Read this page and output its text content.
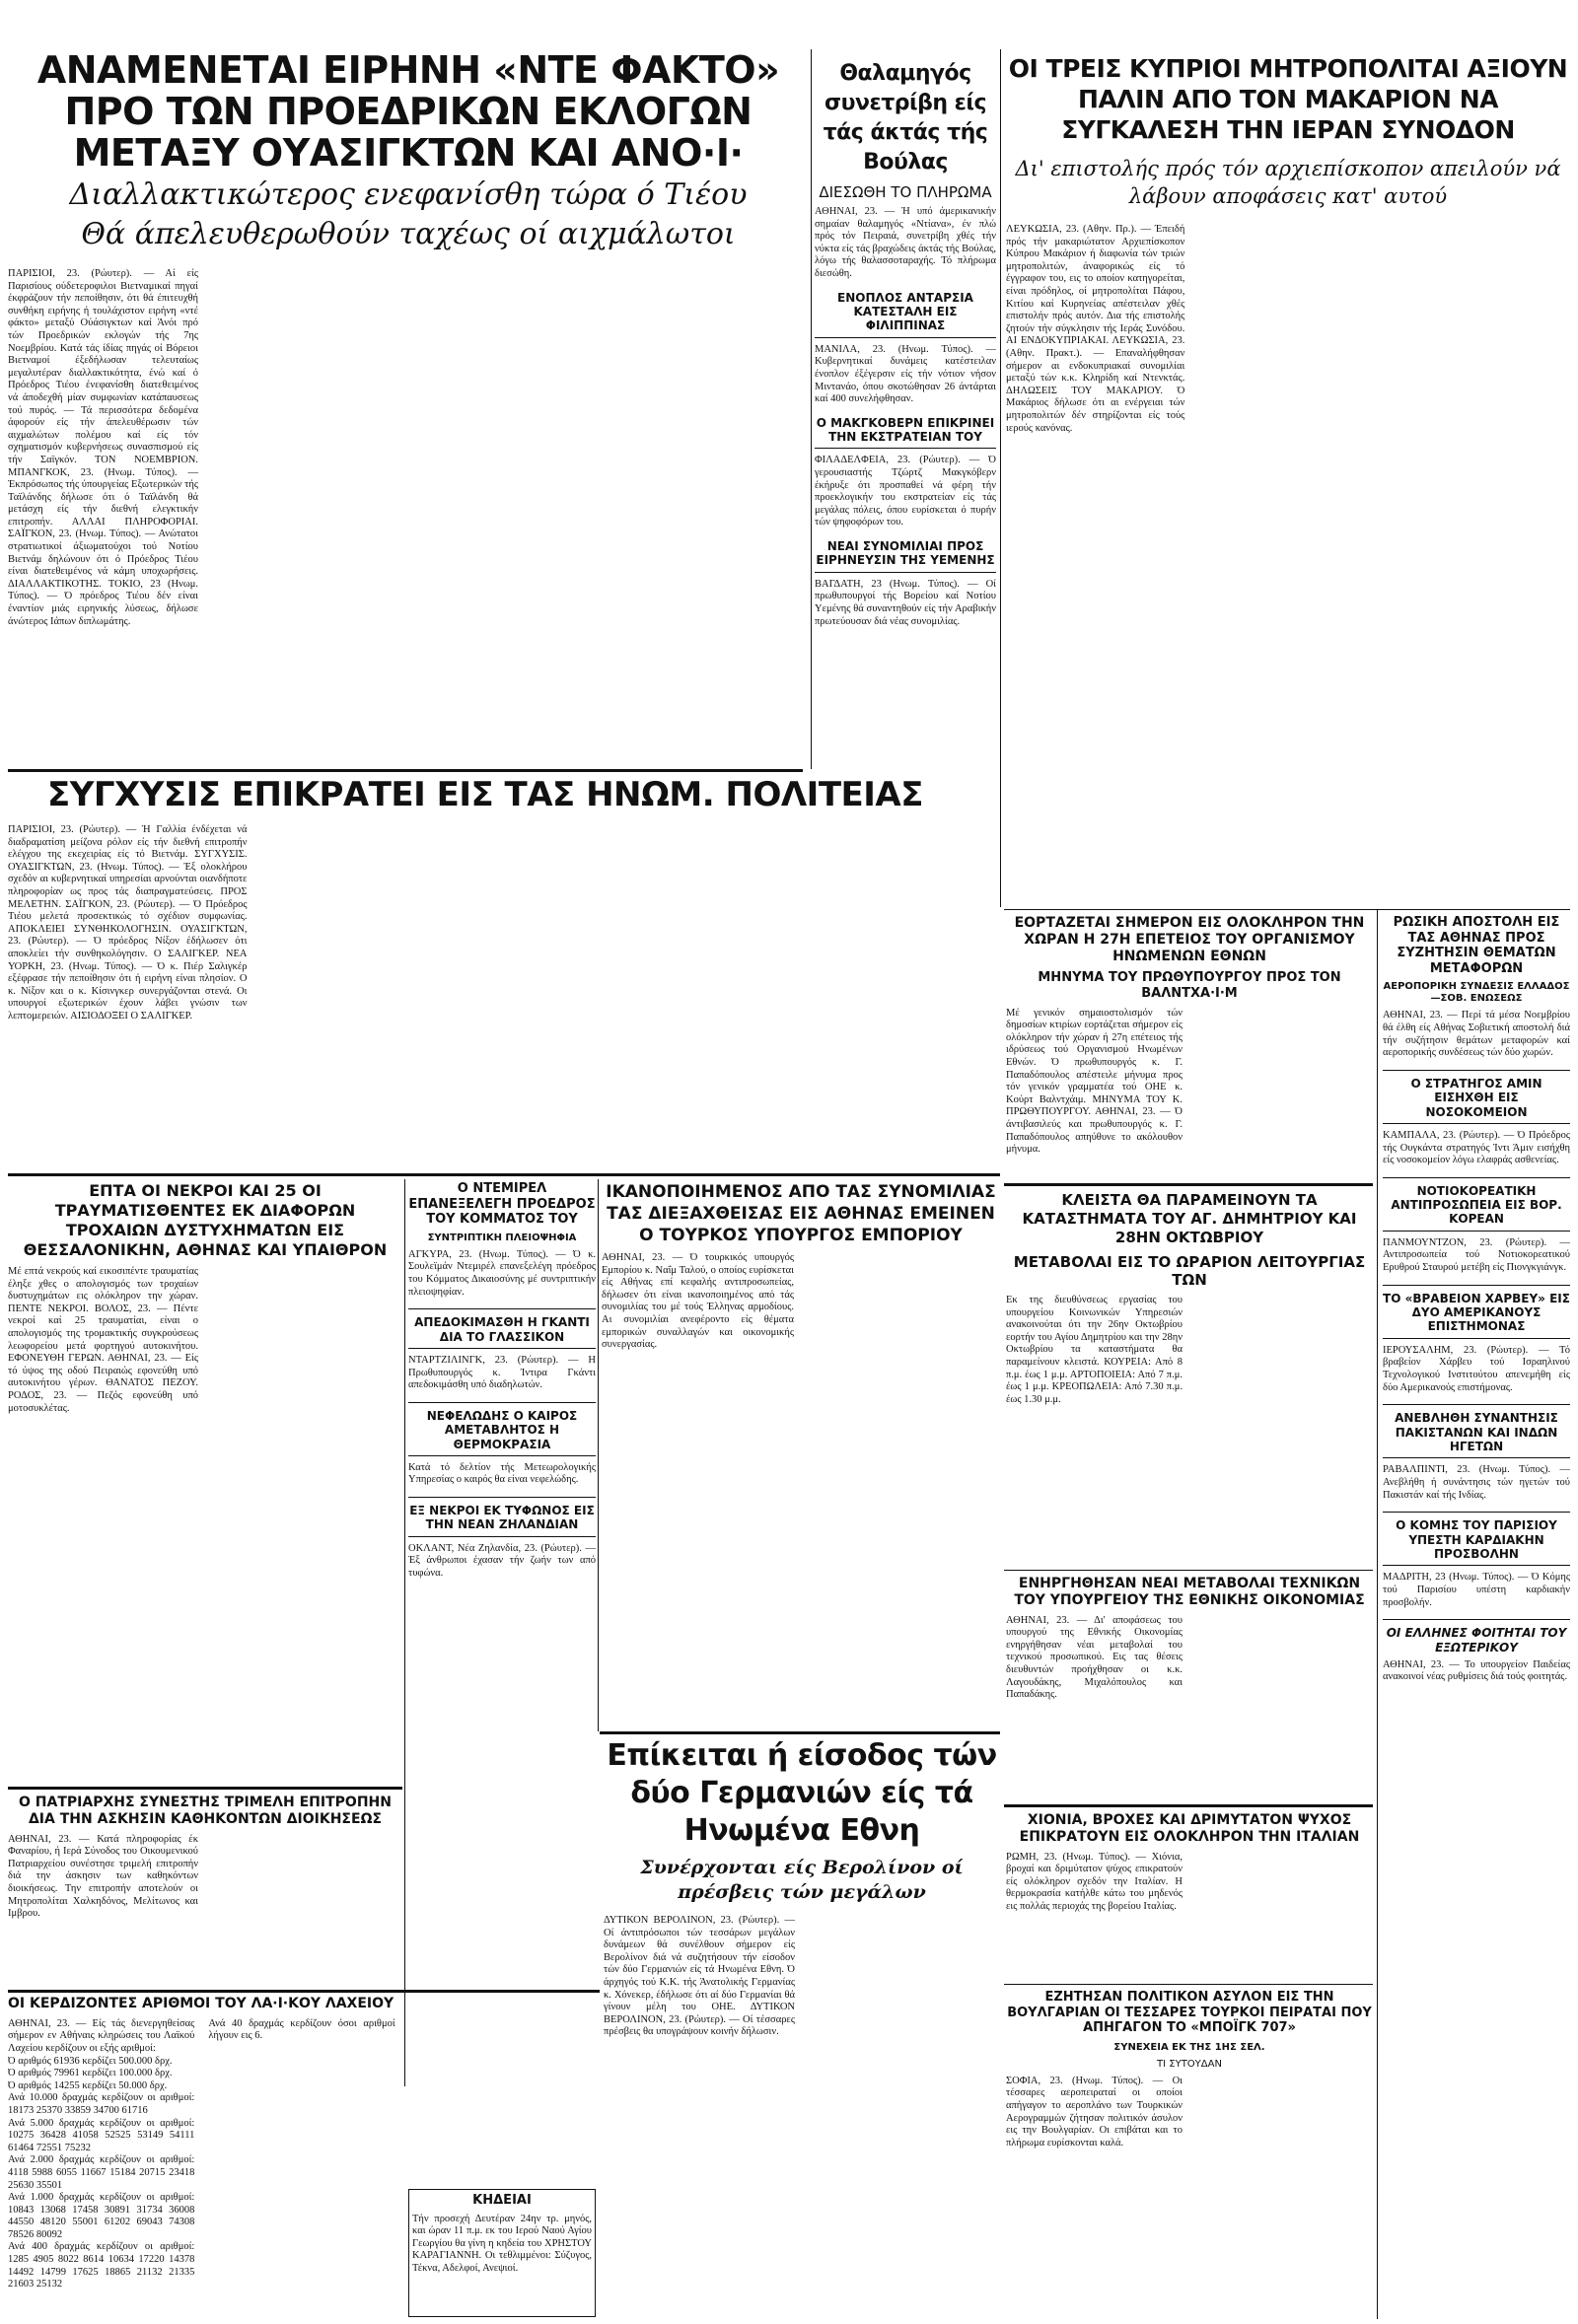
ΑΝΑΜΕΝΕΤΑΙ ΕΙΡΗΝΗ «ΝΤΕ ΦΑΚΤΟ» ΠΡΟ ΤΩΝ ΠΡΟΕΔΡΙΚΩΝ ΕΚΛΟΓΩΝ ΜΕΤΑΞΥ ΟΥΑΣΙΓΚΤΩΝ ΚΑΙ ΑΝΟ·Ι·

Διαλλακτικώτερος ενεφανίσθη τώρα ό Τιέου

Θά άπελευθερωθούν ταχέως οί αιχμάλωτοι

ΠΑΡΙΣΙΟΙ, 23. (Ρώυτερ). — Αί είς Παρισίους ούδετεροφιλοι Βιετναμικαί πηγαί έκφράζουν τήν πεποίθησιν, ότι θά έπιτευχθή συνθήκη ειρήνης ή τουλάχιστον ειρήνη «ντέ φάκτο» μεταξύ Ούάσιγκτων καί Άνόι πρό τών Προεδρικών εκλογών τής 7ης Νοεμβρίου. Κατά τάς ίδίας πηγάς οί Βόρειοι Βιετναμοί έξεδήλωσαν τελευταίως μεγαλυτέραν διαλλακτικότητα, ένώ καί ό Πρόεδρος Τιέου ένεφανίσθη διατεθειμένος νά άποδεχθή μίαν συμφωνίαν κατάπαυσεως τού πυρός. — Τά περισσότερα δεδομένα άφορούν είς τήν άπελευθέρωσιν τών αιχμαλώτων πολέμου καί είς τόν σχηματισμόν κυβερνήσεως συνασπισμού είς τήν Σαϊγκόν. ΤΟΝ ΝΟΕΜΒΡΙΟΝ. ΜΠΑΝΓΚΟΚ, 23. (Ηνωμ. Τύπος). — Έκπρόσωπος τής ύπουργείας Εξωτερικών τής Ταϊλάνδης δήλωσε ότι ό Ταϊλάνδη θά μετάσχη είς τήν διεθνή ελεγκτικήν επιτροπήν. ΑΛΛΑΙ ΠΛΗΡΟΦΟΡΙΑΙ. ΣΑΪΓΚΟΝ, 23. (Ηνωμ. Τύπος). — Ανώτατοι στρατιωτικοί άξιωματούχοι τού Νοτίου Βιετνάμ δηλώνουν ότι ό Πρόεδρος Τιέου είναι διατεθειμένος νά κάμη υποχωρήσεις. ΔΙΑΛΛΑΚΤΙΚΟΤΗΣ. ΤΟΚΙΟ, 23 (Ηνωμ. Τύπος). — Ό πρόεδρος Τιέου δέν είναι έναντίον μιάς ειρηνικής λύσεως, δήλωσε άνώτερος Ιάπων διπλωμάτης.

Θαλαμηγός συνετρίβη είς τάς άκτάς τής Βούλας

ΔΙΕΣΩΘΗ ΤΟ ΠΛΗΡΩΜΑ

ΑΘΗΝΑΙ, 23. — Ή υπό άμερικανικήν σημαίαν θαλαμηγός «Ντίανα», έν πλώ πρός τόν Πειραιά, συνετρίβη χθές τήν νύκτα είς τάς βραχώδεις άκτάς τής Βούλας, λόγω τής θαλασσοταραχής. Τό πλήρωμα διεσώθη.

ΕΝΟΠΛΟΣ ΑΝΤΑΡΣΙΑ ΚΑΤΕΣΤΑΛΗ ΕΙΣ ΦΙΛΙΠΠΙΝΑΣ

ΜΑΝΙΛΑ, 23. (Ηνωμ. Τύπος). — Κυβερνητικαί δυνάμεις κατέστειλαν ένοπλον έξέγερσιν είς τήν νότιον νήσον Μιντανάο, όπου σκοτώθησαν 26 άντάρται καί 400 συνελήφθησαν.

Ο ΜΑΚΓΚΟΒΕΡΝ ΕΠΙΚΡΙΝΕΙ ΤΗΝ ΕΚΣΤΡΑΤΕΙΑΝ ΤΟΥ

ΦΙΛΑΔΕΛΦΕΙΑ, 23. (Ρώυτερ). — Ό γερουσιαστής Τζώρτζ Μακγκόβερν έκήρυξε ότι προσπαθεί νά φέρη τήν προεκλογικήν του εκστρατείαν είς τάς μεγάλας πόλεις, όπου ευρίσκεται ό πυρήν τών ψηφοφόρων του.

ΝΕΑΙ ΣΥΝΟΜΙΛΙΑΙ ΠΡΟΣ ΕΙΡΗΝΕΥΣΙΝ ΤΗΣ ΥΕΜΕΝΗΣ

ΒΑΓΔΑΤΗ, 23 (Ηνωμ. Τύπος). — Οί πρωθυπουργοί τής Βορείου καί Νοτίου Υεμένης θά συναντηθούν είς τήν Αραβικήν πρωτεύουσαν διά νέας συνομιλίας.

ΟΙ ΤΡΕΙΣ ΚΥΠΡΙΟΙ ΜΗΤΡΟΠΟΛΙΤΑΙ ΑΞΙΟΥΝ ΠΑΛΙΝ ΑΠΟ ΤΟΝ ΜΑΚΑΡΙΟΝ ΝΑ ΣΥΓΚΑΛΕΣΗ ΤΗΝ ΙΕΡΑΝ ΣΥΝΟΔΟΝ

Δι' επιστολής πρός τόν αρχιεπίσκοπον απειλούν νά λάβουν αποφάσεις κατ' αυτού

ΛΕΥΚΩΣΙΑ, 23. (Αθην. Πρ.). — Έπειδή πρός τήν μακαριώτατον Αρχιεπίσκοπον Κύπρου Μακάριον ή διαφωνία τών τριών μητροπολιτών, άναφορικώς είς τό έγγραφον του, εις το οποίον κατηγορείται, είναι πρόδηλος, οί μητροπολίται Πάφου, Κιτίου καί Κυρηνείας απέστειλαν χθές επιστολήν πρός αυτόν. Δια τής επιστολής ζητούν τήν σύγκλησιν τής Ιεράς Συνόδου. ΑΙ ΕΝΔΟΚΥΠΡΙΑΚΑΙ. ΛΕΥΚΩΣΙΑ, 23. (Αθην. Πρακτ.). — Επαναλήφθησαν σήμερον αι ενδοκυπριακαί συνομιλίαι μεταξύ τών κ.κ. Κληρίδη καί Ντενκτάς. ΔΗΛΩΣΕΙΣ ΤΟΥ ΜΑΚΑΡΙΟΥ. Ό Μακάριος δήλωσε ότι αι ενέργειαι τών μητροπολιτών δέν στηρίζονται είς τούς ιερούς κανόνας.

ΣΥΓΧΥΣΙΣ ΕΠΙΚΡΑΤΕΙ ΕΙΣ ΤΑΣ ΗΝΩΜ. ΠΟΛΙΤΕΙΑΣ

ΠΑΡΙΣΙΟΙ, 23. (Ρώυτερ). — Ή Γαλλία ένδέχεται νά διαδραματίση μείζονα ρόλον είς τήν διεθνή επιτροπήν ελέγχου της εκεχειρίας είς τό Βιετνάμ. ΣΥΓΧΥΣΙΣ. ΟΥΑΣΙΓΚΤΩΝ, 23. (Ηνωμ. Τύπος). — Έξ ολοκλήρου σχεδόν αι κυβερνητικαί υπηρεσίαι αρνούνται οιανδήποτε πληροφορίαν ως προς τάς διαπραγματεύσεις. ΠΡΟΣ ΜΕΛΕΤΗΝ. ΣΑΪΓΚΟΝ, 23. (Ρώυτερ). — Ό Πρόεδρος Τιέου μελετά προσεκτικώς τό σχέδιον συμφωνίας. ΑΠΟΚΛΕΙΕΙ ΣΥΝΘΗΚΟΛΟΓΗΣΙΝ. ΟΥΑΣΙΓΚΤΩΝ, 23. (Ρώυτερ). — Ό πρόεδρος Νίξον έδήλωσεν ότι αποκλείει τήν συνθηκολόγησιν. Ο ΣΑΛΙΓΚΕΡ. ΝΕΑ ΥΟΡΚΗ, 23. (Ηνωμ. Τύπος). — Ό κ. Πιέρ Σαλιγκέρ εξέφρασε τήν πεποίθησιν ότι ή ειρήνη είναι πλησίον. Ο κ. Νίξον και ο κ. Κίσινγκερ συνεργάζονται στενά. Οι υπουργοί εξωτερικών έχουν λάβει γνώσιν των λεπτομερειών. ΑΙΣΙΟΔΟΞΕΙ Ο ΣΑΛΙΓΚΕΡ.

ΕΟΡΤΑΖΕΤΑΙ ΣΗΜΕΡΟΝ ΕΙΣ ΟΛΟΚΛΗΡΟΝ ΤΗΝ ΧΩΡΑΝ Η 27Η ΕΠΕΤΕΙΟΣ ΤΟΥ ΟΡΓΑΝΙΣΜΟΥ ΗΝΩΜΕΝΩΝ ΕΘΝΩΝ

ΜΗΝΥΜΑ ΤΟΥ ΠΡΩΘΥΠΟΥΡΓΟΥ ΠΡΟΣ ΤΟΝ ΒΑΛΝΤΧΑ·Ι·Μ

Μέ γενικόν σημαιοστολισμόν τών δημοσίων κτιρίων εορτάζεται σήμερον είς ολόκληρον τήν χώραν ή 27η επέτειος τής ιδρύσεως τού Οργανισμού Ηνωμένων Εθνών. Ό πρωθυπουργός κ. Γ. Παπαδόπουλος απέστειλε μήνυμα προς τόν γενικόν γραμματέα τού ΟΗΕ κ. Κούρτ Βαλντχάιμ. ΜΗΝΥΜΑ ΤΟΥ Κ. ΠΡΩΘΥΠΟΥΡΓΟΥ. ΑΘΗΝΑΙ, 23. — Ό άντιβασιλεύς και πρωθυπουργός κ. Γ. Παπαδόπουλος απηύθυνε το ακόλουθον μήνυμα.

ΡΩΣΙΚΗ ΑΠΟΣΤΟΛΗ ΕΙΣ ΤΑΣ ΑΘΗΝΑΣ ΠΡΟΣ ΣΥΖΗΤΗΣΙΝ ΘΕΜΑΤΩΝ ΜΕΤΑΦΟΡΩΝ

ΑΕΡΟΠΟΡΙΚΗ ΣΥΝΔΕΣΙΣ ΕΛΛΑΔΟΣ—ΣΟΒ. ΕΝΩΣΕΩΣ

ΑΘΗΝΑΙ, 23. — Περί τά μέσα Νοεμβρίου θά έλθη είς Αθήνας Σοβιετική αποστολή διά τήν συζήτησιν θεμάτων μεταφορών καί αεροπορικής συνδέσεως τών δύο χωρών.

Ο ΣΤΡΑΤΗΓΟΣ ΑΜΙΝ ΕΙΣΗΧΘΗ ΕΙΣ ΝΟΣΟΚΟΜΕΙΟΝ

ΚΑΜΠΑΛΑ, 23. (Ρώυτερ). — Ό Πρόεδρος τής Ουγκάντα στρατηγός Ίντι Άμιν εισήχθη είς νοσοκομείον λόγω ελαφράς ασθενείας.

ΝΟΤΙΟΚΟΡΕΑΤΙΚΗ ΑΝΤΙΠΡΟΣΩΠΕΙΑ ΕΙΣ ΒΟΡ. ΚΟΡΕΑΝ

ΠΑΝΜΟΥΝΤΖΟΝ, 23. (Ρώυτερ). — Αντιπροσωπεία τού Νοτιοκορεατικού Ερυθρού Σταυρού μετέβη είς Πιονγκγιάνγκ.

ΤΟ «ΒΡΑΒΕΙΟΝ ΧΑΡΒΕΥ» ΕΙΣ ΔΥΟ ΑΜΕΡΙΚΑΝΟΥΣ ΕΠΙΣΤΗΜΟΝΑΣ

ΙΕΡΟΥΣΑΛΗΜ, 23. (Ρώυτερ). — Τό βραβείον Χάρβευ τού Ισραηλινού Τεχνολογικού Ινστιτούτου απενεμήθη είς δύο Αμερικανούς επιστήμονας.

ΑΝΕΒΛΗΘΗ ΣΥΝΑΝΤΗΣΙΣ ΠΑΚΙΣΤΑΝΩΝ ΚΑΙ ΙΝΔΩΝ ΗΓΕΤΩΝ

ΡΑΒΑΛΠΙΝΤΙ, 23. (Ηνωμ. Τύπος). — Ανεβλήθη ή συνάντησις τών ηγετών τού Πακιστάν καί τής Ινδίας.

Ο ΚΟΜΗΣ ΤΟΥ ΠΑΡΙΣΙΟΥ ΥΠΕΣΤΗ ΚΑΡΔΙΑΚΗΝ ΠΡΟΣΒΟΛΗΝ

ΜΑΔΡΙΤΗ, 23 (Ηνωμ. Τύπος). — Ό Κόμης τού Παρισίου υπέστη καρδιακήν προσβολήν.

ΟΙ ΕΛΛΗΝΕΣ ΦΟΙΤΗΤΑΙ ΤΟΥ ΕΞΩΤΕΡΙΚΟΥ

ΑΘΗΝΑΙ, 23. — Το υπουργείον Παιδείας ανακοινοί νέας ρυθμίσεις διά τούς φοιτητάς.

ΕΠΤΑ ΟΙ ΝΕΚΡΟΙ ΚΑΙ 25 ΟΙ ΤΡΑΥΜΑΤΙΣΘΕΝΤΕΣ ΕΚ ΔΙΑΦΟΡΩΝ ΤΡΟΧΑΙΩΝ ΔΥΣΤΥΧΗΜΑΤΩΝ ΕΙΣ ΘΕΣΣΑΛΟΝΙΚΗΝ, ΑΘΗΝΑΣ ΚΑΙ ΥΠΑΙΘΡΟΝ

Μέ επτά νεκρούς καί εικοσιπέντε τραυματίας έληξε χθες ο απολογισμός των τροχαίων δυστυχημάτων εις ολόκληρον την χώραν. ΠΕΝΤΕ ΝΕΚΡΟΙ. ΒΟΛΟΣ, 23. — Πέντε νεκροί καί 25 τραυματίαι, είναι ο απολογισμός της τρομακτικής συγκρούσεως λεωφορείου μετά φορτηγού αυτοκινήτου. ΕΦΟΝΕΥΘΗ ΓΕΡΩΝ. ΑΘΗΝΑΙ, 23. — Είς τό ύψος της οδού Πειραιώς εφονεύθη υπό αυτοκινήτου γέρων. ΘΑΝΑΤΟΣ ΠΕΖΟΥ. ΡΟΔΟΣ, 23. — Πεζός εφονεύθη υπό μοτοσυκλέτας.

Ο ΝΤΕΜΙΡΕΛ ΕΠΑΝΕΞΕΛΕΓΗ ΠΡΟΕΔΡΟΣ ΤΟΥ ΚΟΜΜΑΤΟΣ ΤΟΥ

ΣΥΝΤΡΙΠΤΙΚΗ ΠΛΕΙΟΨΗΦΙΑ

ΑΓΚΥΡΑ, 23. (Ηνωμ. Τύπος). — Ό κ. Σουλεϊμάν Ντεμιρέλ επανεξελέγη πρόεδρος του Κόμματος Δικαιοσύνης μέ συντριπτικήν πλειοψηφίαν.

ΑΠΕΔΟΚΙΜΑΣΘΗ Η ΓΚΑΝΤΙ ΔΙΑ ΤΟ ΓΛΑΣΣΙΚΟΝ

ΝΤΑΡΤΖΙΛΙΝΓΚ, 23. (Ρώυτερ). — Η Πρωθυπουργός κ. Ίντιρα Γκάντι απεδοκιμάσθη υπό διαδηλωτών.

ΝΕΦΕΛΩΔΗΣ Ο ΚΑΙΡΟΣ ΑΜΕΤΑΒΛΗΤΟΣ Η ΘΕΡΜΟΚΡΑΣΙΑ

Κατά τό δελτίον τής Μετεωρολογικής Υπηρεσίας ο καιρός θα είναι νεφελώδης.

ΕΞ ΝΕΚΡΟΙ ΕΚ ΤΥΦΩΝΟΣ ΕΙΣ ΤΗΝ ΝΕΑΝ ΖΗΛΑΝΔΙΑΝ

ΟΚΛΑΝΤ, Νέα Ζηλανδία, 23. (Ρώυτερ). — Έξ άνθρωποι έχασαν τήν ζωήν των από τυφώνα.

ΙΚΑΝΟΠΟΙΗΜΕΝΟΣ ΑΠΟ ΤΑΣ ΣΥΝΟΜΙΛΙΑΣ ΤΑΣ ΔΙΕΞΑΧΘΕΙΣΑΣ ΕΙΣ ΑΘΗΝΑΣ ΕΜΕΙΝΕΝ Ο ΤΟΥΡΚΟΣ ΥΠΟΥΡΓΟΣ ΕΜΠΟΡΙΟΥ

ΑΘΗΝΑΙ, 23. — Ό τουρκικός υπουργός Εμπορίου κ. Ναΐμ Ταλού, ο οποίος ευρίσκεται είς Αθήνας επί κεφαλής αντιπροσωπείας, δήλωσεν ότι είναι ικανοποιημένος από τάς συνομιλίας του μέ τούς Έλληνας αρμοδίους. Αι συνομιλίαι ανεφέροντο είς θέματα εμπορικών συναλλαγών και οικονομικής συνεργασίας.

ΚΛΕΙΣΤΑ ΘΑ ΠΑΡΑΜΕΙΝΟΥΝ ΤΑ ΚΑΤΑΣΤΗΜΑΤΑ ΤΟΥ ΑΓ. ΔΗΜΗΤΡΙΟΥ ΚΑΙ 28ΗΝ ΟΚΤΩΒΡΙΟΥ

ΜΕΤΑΒΟΛΑΙ ΕΙΣ ΤΟ ΩΡΑΡΙΟΝ ΛΕΙΤΟΥΡΓΙΑΣ ΤΩΝ

Εκ της διευθύνσεως εργασίας του υπουργείου Κοινωνικών Υπηρεσιών ανακοινούται ότι την 26ην Οκτωβρίου εορτήν του Αγίου Δημητρίου και την 28ην Οκτωβρίου τα καταστήματα θα παραμείνουν κλειστά. ΚΟΥΡΕΙΑ: Από 8 π.μ. έως 1 μ.μ. ΑΡΤΟΠΟΙΕΙΑ: Από 7 π.μ. έως 1 μ.μ. ΚΡΕΟΠΩΛΕΙΑ: Από 7.30 π.μ. έως 1.30 μ.μ.

ΕΝΗΡΓΗΘΗΣΑΝ ΝΕΑΙ ΜΕΤΑΒΟΛΑΙ ΤΕΧΝΙΚΩΝ ΤΟΥ ΥΠΟΥΡΓΕΙΟΥ ΤΗΣ ΕΘΝΙΚΗΣ ΟΙΚΟΝΟΜΙΑΣ

ΑΘΗΝΑΙ, 23. — Δι' αποφάσεως του υπουργού της Εθνικής Οικονομίας ενηργήθησαν νέαι μεταβολαί του τεχνικού προσωπικού. Εις τας θέσεις διευθυντών προήχθησαν οι κ.κ. Λαγουδάκης, Μιχαλόπουλος και Παπαδάκης.

Ο ΠΑΤΡΙΑΡΧΗΣ ΣΥΝΕΣΤΗΣ ΤΡΙΜΕΛΗ ΕΠΙΤΡΟΠΗΝ ΔΙΑ ΤΗΝ ΑΣΚΗΣΙΝ ΚΑΘΗΚΟΝΤΩΝ ΔΙΟΙΚΗΣΕΩΣ

ΑΘΗΝΑΙ, 23. — Κατά πληροφορίας έκ Φαναρίου, ή Ιερά Σύνοδος του Οικουμενικού Πατριαρχείου συνέστησε τριμελή επιτροπήν διά την άσκησιν των καθηκόντων διοικήσεως. Την επιτροπήν αποτελούν οι Μητροπολίται Χαλκηδόνος, Μελίτωνος και Ιμβρου.

ΟΙ ΚΕΡΔΙΖΟΝΤΕΣ ΑΡΙΘΜΟΙ ΤΟΥ ΛΑ·Ι·ΚΟΥ ΛΑΧΕΙΟΥ

ΑΘΗΝΑΙ, 23. — Είς τάς διενεργηθείσας σήμερον εν Αθήναις κληρώσεις του Λαϊκού Λαχείου κερδίζουν οι εξής αριθμοί:

Ό αριθμός 61936 κερδίζει 500.000 δρχ.

Ό αριθμός 79961 κερδίζει 100.000 δρχ.

Ό αριθμός 14255 κερδίζει 50.000 δρχ.

Ανά 10.000 δραχμάς κερδίζουν οι αριθμοί: 18173 25370 33859 34700 61716

Ανά 5.000 δραχμάς κερδίζουν οι αριθμοί: 10275 36428 41058 52525 53149 54111 61464 72551 75232

Ανά 2.000 δραχμάς κερδίζουν οι αριθμοί: 4118 5988 6055 11667 15184 20715 23418 25630 35501

Ανά 1.000 δραχμάς κερδίζουν οι αριθμοί: 10843 13068 17458 30891 31734 36008 44550 48120 55001 61202 69043 74308 78526 80092

Ανά 400 δραχμάς κερδίζουν οι αριθμοί: 1285 4905 8022 8614 10634 17220 14378 14492 14799 17625 18865 21132 21335 21603 25132

Ανά 40 δραχμάς κερδίζουν όσοι αριθμοί λήγουν εις 6.

Επίκειται ή είσοδος τών δύο Γερμανιών είς τά Ηνωμένα Εθνη

Συνέρχονται είς Βερολίνον οί πρέσβεις τών μεγάλων

ΔΥΤΙΚΟΝ ΒΕΡΟΛΙΝΟΝ, 23. (Ρώυτερ). — Οί άντιπρόσωποι τών τεσσάρων μεγάλων δυνάμεων θά συνέλθουν σήμερον είς Βερολίνον διά νά συζητήσουν τήν είσοδον τών δύο Γερμανιών είς τά Ηνωμένα Εθνη. Ό άρχηγός τού Κ.Κ. τής Άνατολικής Γερμανίας κ. Χόνεκερ, έδήλωσε ότι αί δύο Γερμανίαι θά γίνουν μέλη του ΟΗΕ. ΔΥΤΙΚΟΝ ΒΕΡΟΛΙΝΟΝ, 23. (Ρώυτερ). — Οί τέσσαρες πρέσβεις θα υπογράψουν κοινήν δήλωσιν.

ΚΗΔΕΙΑΙ

Τήν προσεχή Δευτέραν 24ην τρ. μηνός, και ώραν 11 π.μ. εκ του Ιερού Ναού Αγίου Γεωργίου θα γίνη η κηδεία του ΧΡΗΣΤΟΥ ΚΑΡΑΓΙΑΝΝΗ. Οι τεθλιμμένοι: Σύζυγος, Τέκνα, Αδελφοί, Ανεψιοί.

ΧΙΟΝΙΑ, ΒΡΟΧΕΣ ΚΑΙ ΔΡΙΜΥΤΑΤΟΝ ΨΥΧΟΣ ΕΠΙΚΡΑΤΟΥΝ ΕΙΣ ΟΛΟΚΛΗΡΟΝ ΤΗΝ ΙΤΑΛΙΑΝ

ΡΩΜΗ, 23. (Ηνωμ. Τύπος). — Χιόνια, βροχαί και δριμύτατον ψύχος επικρατούν είς ολόκληρον σχεδόν την Ιταλίαν. Η θερμοκρασία κατήλθε κάτω του μηδενός εις πολλάς περιοχάς της βορείου Ιταλίας.

ΕΖΗΤΗΣΑΝ ΠΟΛΙΤΙΚΟΝ ΑΣΥΛΟΝ ΕΙΣ ΤΗΝ ΒΟΥΛΓΑΡΙΑΝ ΟΙ ΤΕΣΣΑΡΕΣ ΤΟΥΡΚΟΙ ΠΕΙΡΑΤΑΙ ΠΟΥ ΑΠΗΓΑΓΟΝ ΤΟ «ΜΠΟΪΓΚ 707»

ΣΥΝΕΧΕΙΑ ΕΚ ΤΗΣ 1ΗΣ ΣΕΛ.

ΤΙ ΣΥΤΟΥΔΑΝ

ΣΟΦΙΑ, 23. (Ηνωμ. Τύπος). — Οι τέσσαρες αεροπειραταί οι οποίοι απήγαγον το αεροπλάνο των Τουρκικών Αερογραμμών ζήτησαν πολιτικόν άσυλον εις την Βουλγαρίαν. Οι επιβάται και το πλήρωμα ευρίσκονται καλά.
